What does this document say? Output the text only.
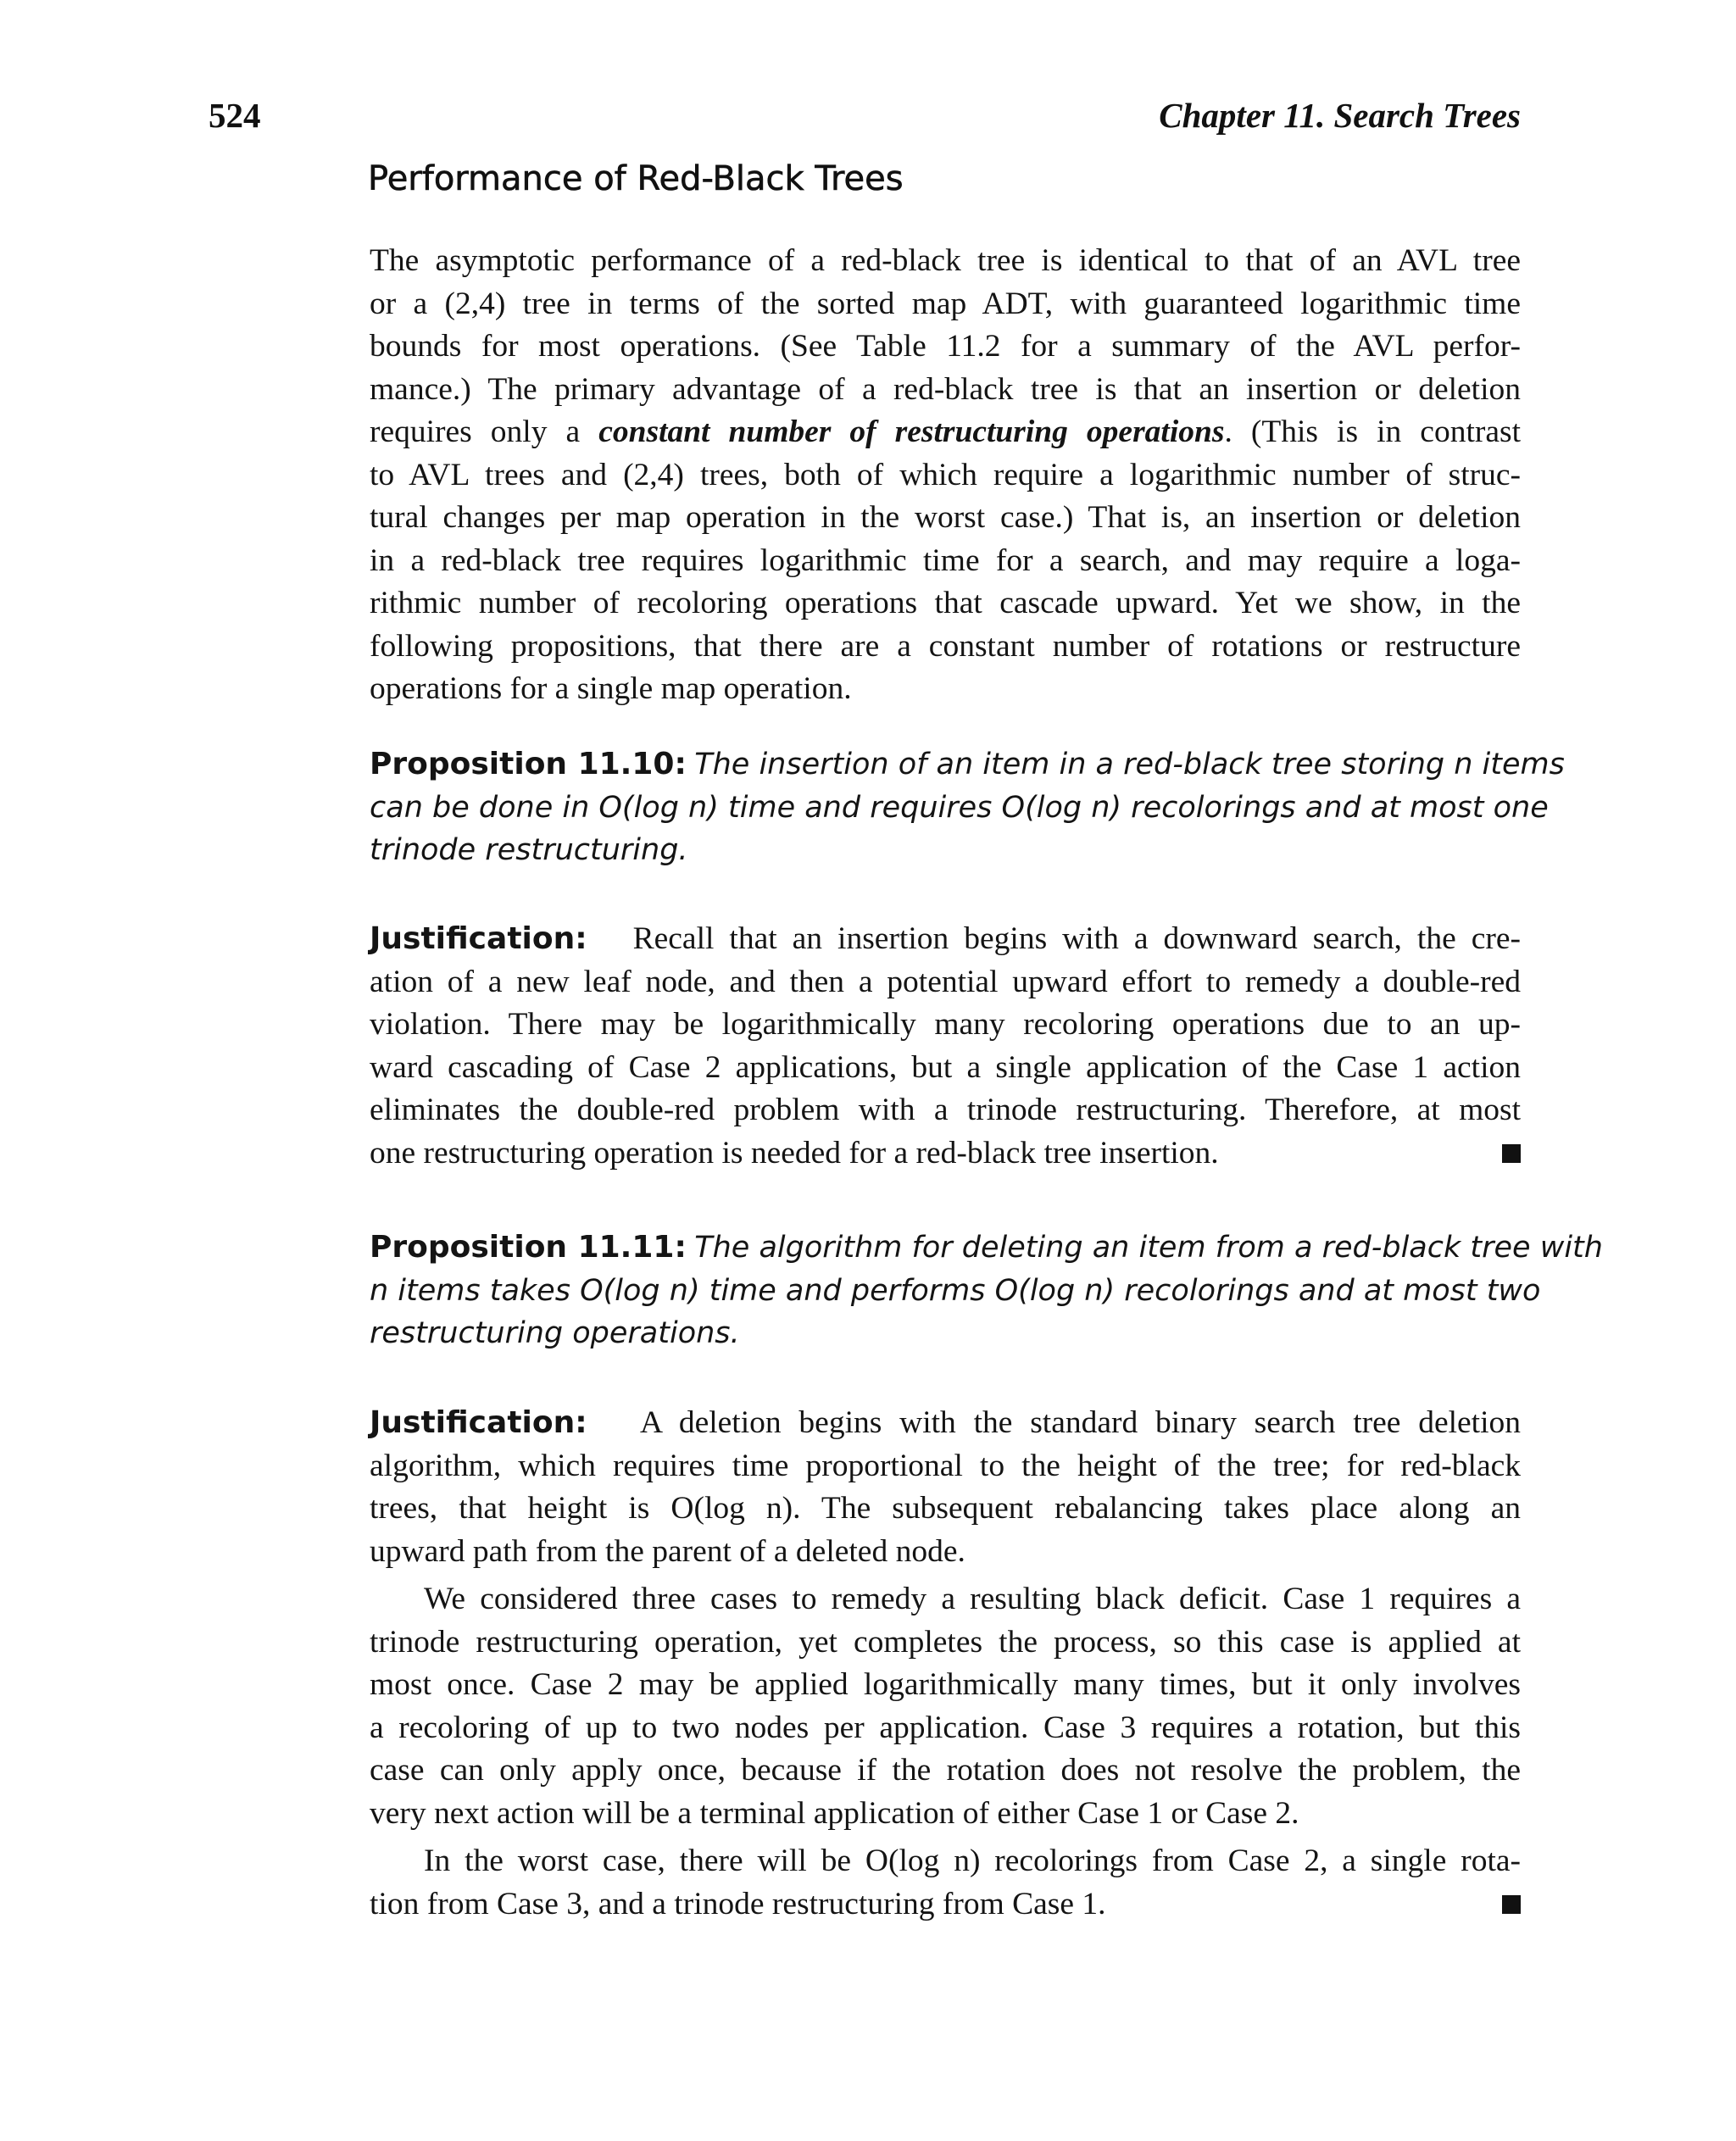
524	Chapter 11. Search Trees
Performance of Red-Black Trees

The asymptotic performance of a red-black tree is identical to that of an AVL tree
or a (2,4) tree in terms of the sorted map ADT, with guaranteed logarithmic time
bounds for most operations. (See Table 11.2 for a summary of the AVL perfor-
mance.) The primary advantage of a red-black tree is that an insertion or deletion
requires only a constant number of restructuring operations. (This is in contrast
to AVL trees and (2,4) trees, both of which require a logarithmic number of struc-
tural changes per map operation in the worst case.) That is, an insertion or deletion
in a red-black tree requires logarithmic time for a search, and may require a loga-
rithmic number of recoloring operations that cascade upward. Yet we show, in the
following propositions, that there are a constant number of rotations or restructure
operations for a single map operation.

Proposition 11.10: The insertion of an item in a red-black tree storing n items
can be done in O(log n) time and requires O(log n) recolorings and at most one
trinode restructuring.

Justification: Recall that an insertion begins with a downward search, the cre-
ation of a new leaf node, and then a potential upward effort to remedy a double-red
violation. There may be logarithmically many recoloring operations due to an up-
ward cascading of Case 2 applications, but a single application of the Case 1 action
eliminates the double-red problem with a trinode restructuring. Therefore, at most
one restructuring operation is needed for a red-black tree insertion.

Proposition 11.11: The algorithm for deleting an item from a red-black tree with
n items takes O(log n) time and performs O(log n) recolorings and at most two
restructuring operations.

Justification: A deletion begins with the standard binary search tree deletion
algorithm, which requires time proportional to the height of the tree; for red-black
trees, that height is O(log n). The subsequent rebalancing takes place along an
upward path from the parent of a deleted node.

We considered three cases to remedy a resulting black deficit. Case 1 requires a
trinode restructuring operation, yet completes the process, so this case is applied at
most once. Case 2 may be applied logarithmically many times, but it only involves
a recoloring of up to two nodes per application. Case 3 requires a rotation, but this
case can only apply once, because if the rotation does not resolve the problem, the
very next action will be a terminal application of either Case 1 or Case 2.

In the worst case, there will be O(log n) recolorings from Case 2, a single rota-
tion from Case 3, and a trinode restructuring from Case 1.
